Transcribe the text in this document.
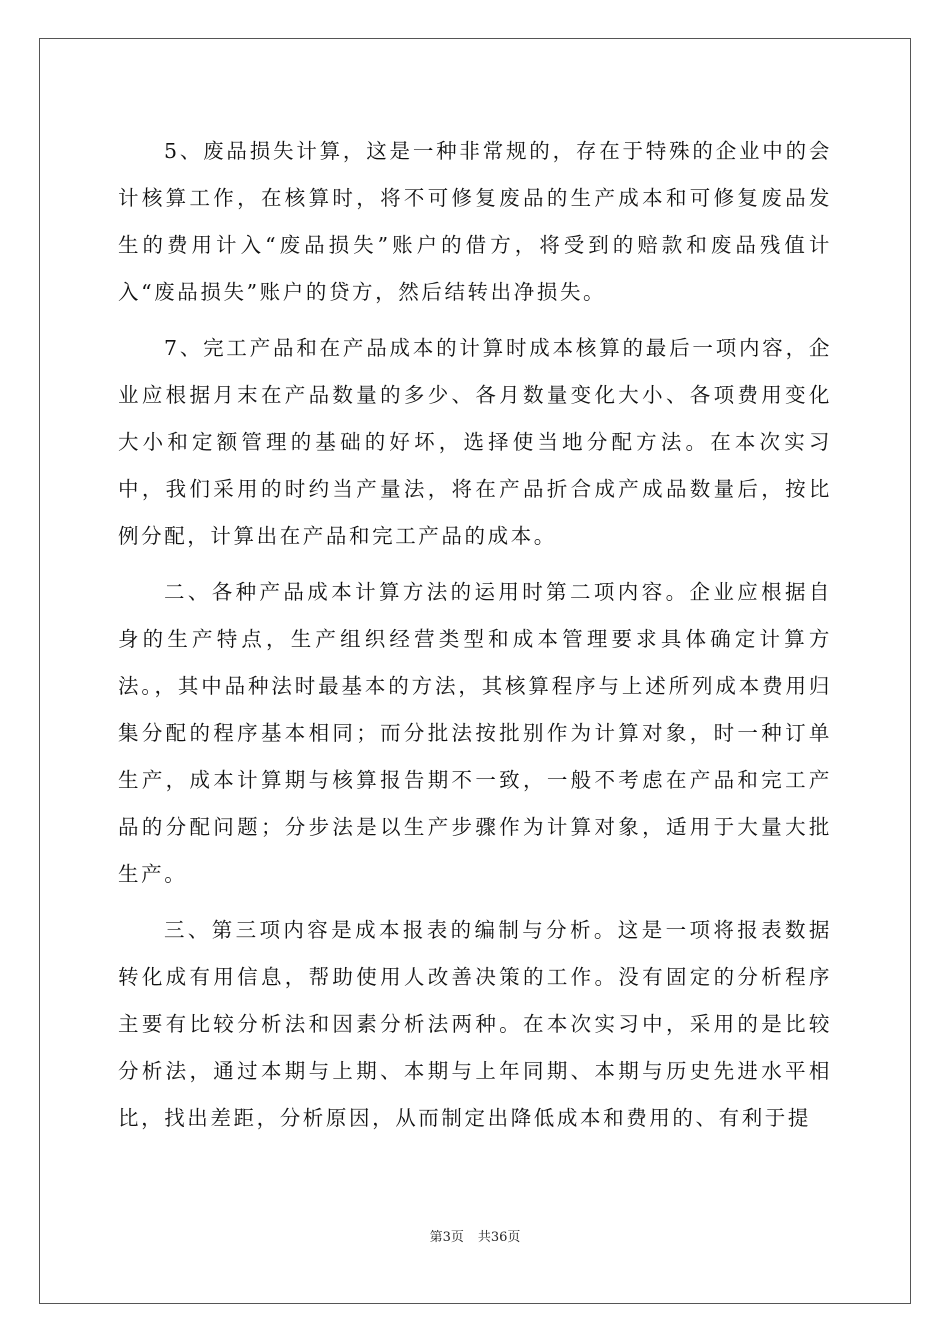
5、废品损失计算，这是一种非常规的，存在于特殊的企业中的会计核算工作，在核算时，将不可修复废品的生产成本和可修复废品发生的费用计入“废品损失”账户的借方，将受到的赔款和废品残值计入“废品损失”账户的贷方，然后结转出净损失。

7、完工产品和在产品成本的计算时成本核算的最后一项内容，企业应根据月末在产品数量的多少、各月数量变化大小、各项费用变化大小和定额管理的基础的好坏，选择使当地分配方法。在本次实习中，我们采用的时约当产量法，将在产品折合成产成品数量后，按比例分配，计算出在产品和完工产品的成本。

二、各种产品成本计算方法的运用时第二项内容。企业应根据自身的生产特点，生产组织经营类型和成本管理要求具体确定计算方法。，其中品种法时最基本的方法，其核算程序与上述所列成本费用归集分配的程序基本相同；而分批法按批别作为计算对象，时一种订单生产，成本计算期与核算报告期不一致，一般不考虑在产品和完工产品的分配问题；分步法是以生产步骤作为计算对象，适用于大量大批生产。

三、第三项内容是成本报表的编制与分析。这是一项将报表数据转化成有用信息，帮助使用人改善决策的工作。没有固定的分析程序主要有比较分析法和因素分析法两种。在本次实习中，采用的是比较分析法，通过本期与上期、本期与上年同期、本期与历史先进水平相比，找出差距，分析原因，从而制定出降低成本和费用的、有利于提

第3页 共36页
